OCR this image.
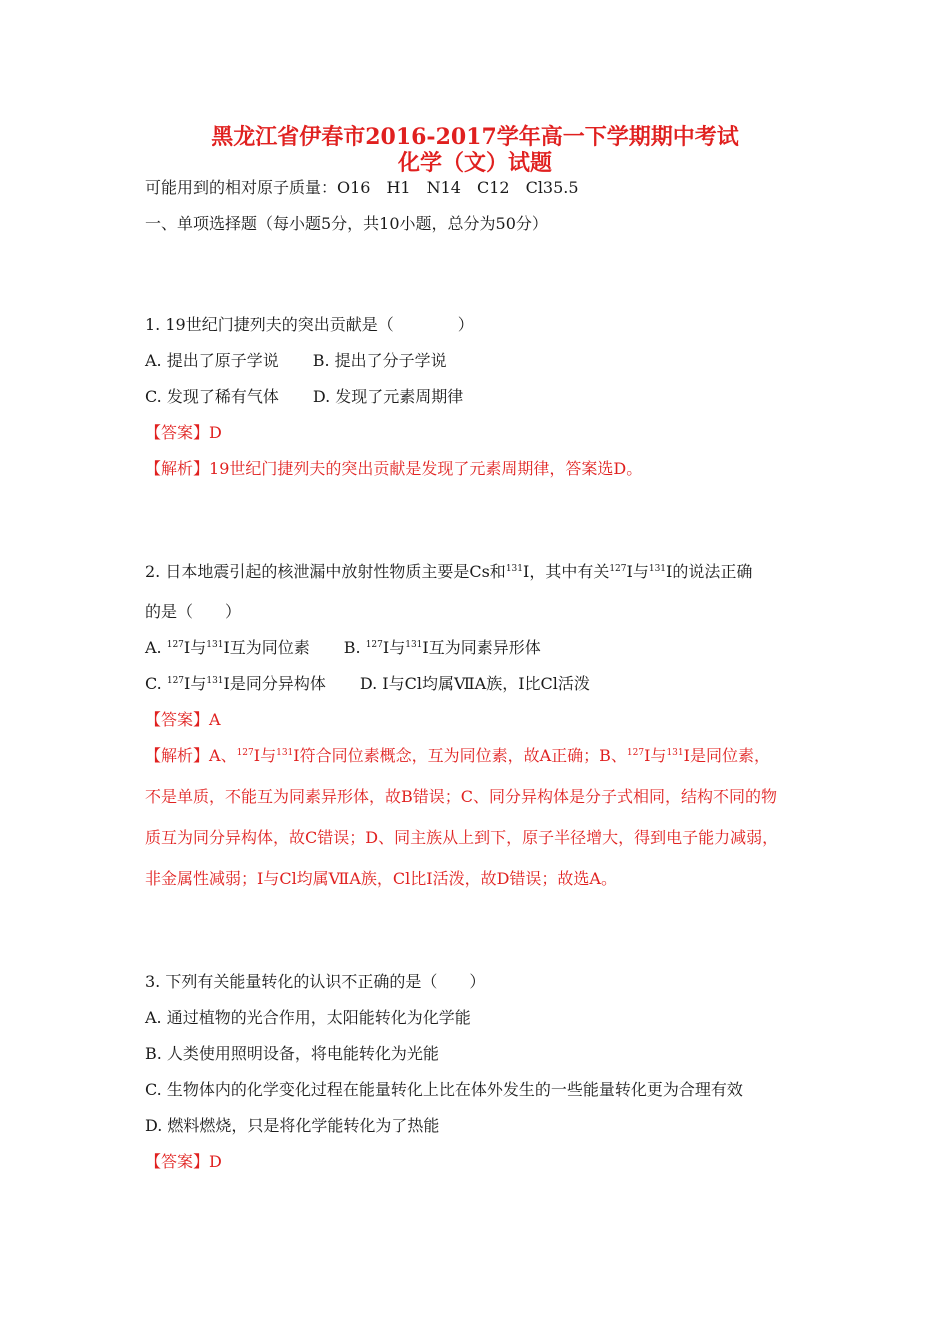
黑龙江省伊春市2016-2017学年高一下学期期中考试
化学（文）试题
可能用到的相对原子质量：O16　H1　N14　C12　Cl35.5
一、单项选择题（每小题5分，共10小题，总分为50分）
1. 19世纪门捷列夫的突出贡献是（　　　　）
A. 提出了原子学说 B. 提出了分子学说
C. 发现了稀有气体 D. 发现了元素周期律
【答案】D
【解析】19世纪门捷列夫的突出贡献是发现了元素周期律，答案选D。
2. 日本地震引起的核泄漏中放射性物质主要是Cs和$^{131}$I，其中有关$^{127}$I与$^{131}$I的说法正确
的是（　　）
A. $^{127}$I与$^{131}$I互为同位素 B. $^{127}$I与$^{131}$I互为同素异形体
C. $^{127}$I与$^{131}$I是同分异构体 D. I与Cl均属ⅦA族，I比Cl活泼
【答案】A
【解析】A、$^{127}$I与$^{131}$I符合同位素概念，互为同位素，故A正确；B、$^{127}$I与$^{131}$I是同位素，
不是单质，不能互为同素异形体，故B错误；C、同分异构体是分子式相同，结构不同的物
质互为同分异构体，故C错误；D、同主族从上到下，原子半径增大，得到电子能力减弱，
非金属性减弱；I与Cl均属ⅦA族，Cl比I活泼，故D错误；故选A。
3. 下列有关能量转化的认识不正确的是（　　）
A. 通过植物的光合作用，太阳能转化为化学能
B. 人类使用照明设备，将电能转化为光能
C. 生物体内的化学变化过程在能量转化上比在体外发生的一些能量转化更为合理有效
D. 燃料燃烧，只是将化学能转化为了热能
【答案】D
